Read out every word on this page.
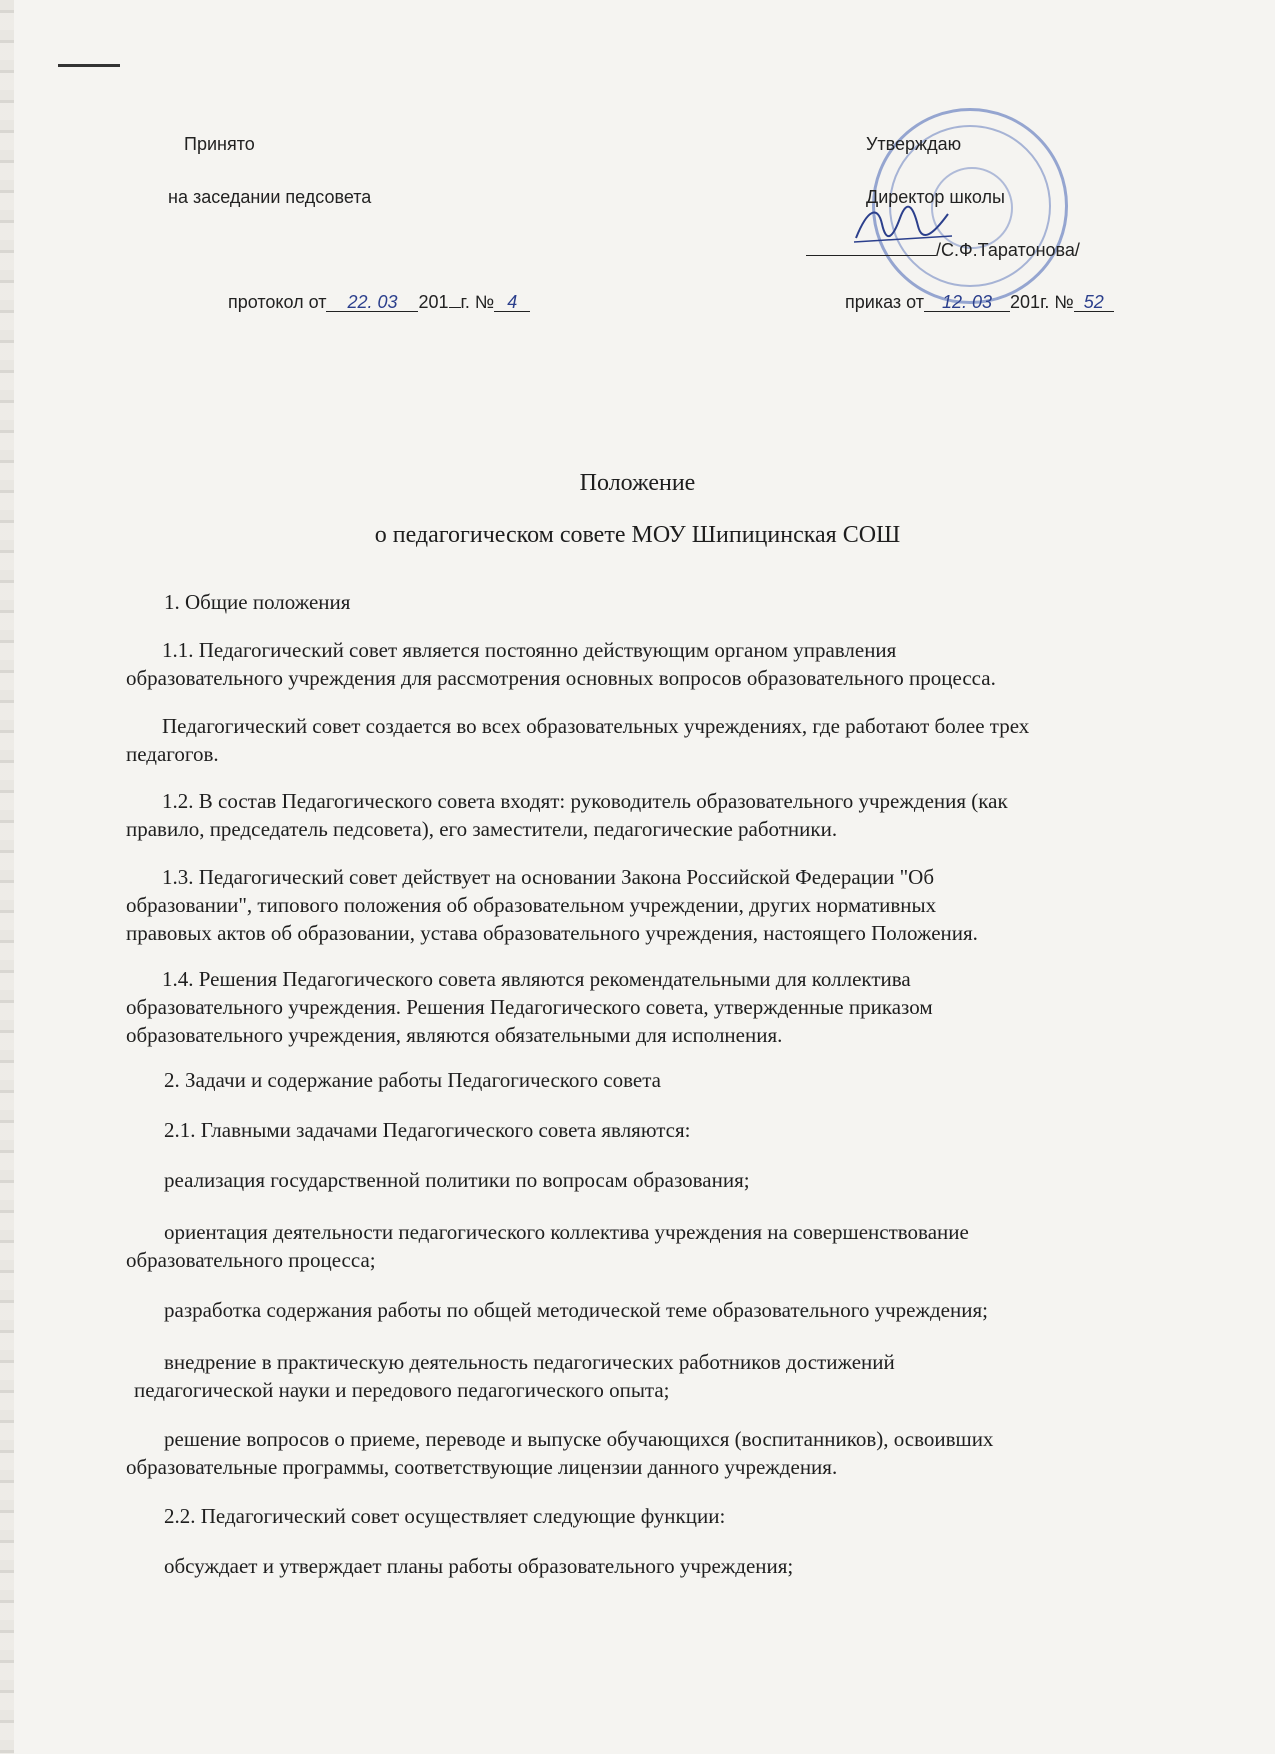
Принято
на заседании педсовета
протокол от 22. 03 201 г. № 4
Утверждаю
Директор школы
/С.Ф.Таратонова/
приказ от 12. 03 201г. № 52
Положение
о педагогическом совете МОУ Шипицинская СОШ
1. Общие положения
1.1. Педагогический совет является постоянно действующим органом управления
образовательного учреждения для рассмотрения основных вопросов образовательного процесса.
Педагогический совет создается во всех образовательных учреждениях, где работают более трех
педагогов.
1.2. В состав Педагогического совета входят: руководитель образовательного учреждения (как
правило, председатель педсовета), его заместители, педагогические работники.
1.3. Педагогический совет действует на основании Закона Российской Федерации "Об
образовании", типового положения об образовательном учреждении, других нормативных
правовых актов об образовании, устава образовательного учреждения, настоящего Положения.
1.4. Решения Педагогического совета являются рекомендательными для коллектива
образовательного учреждения. Решения Педагогического совета, утвержденные приказом
образовательного учреждения, являются обязательными для исполнения.
2. Задачи и содержание работы Педагогического совета
2.1. Главными задачами Педагогического совета являются:
реализация государственной политики по вопросам образования;
ориентация деятельности педагогического коллектива учреждения на совершенствование
образовательного процесса;
разработка содержания работы по общей методической теме образовательного учреждения;
внедрение в практическую деятельность педагогических работников достижений
педагогической науки и передового педагогического опыта;
решение вопросов о приеме, переводе и выпуске обучающихся (воспитанников), освоивших
образовательные программы, соответствующие лицензии данного учреждения.
2.2. Педагогический совет осуществляет следующие функции:
обсуждает и утверждает планы работы образовательного учреждения;
